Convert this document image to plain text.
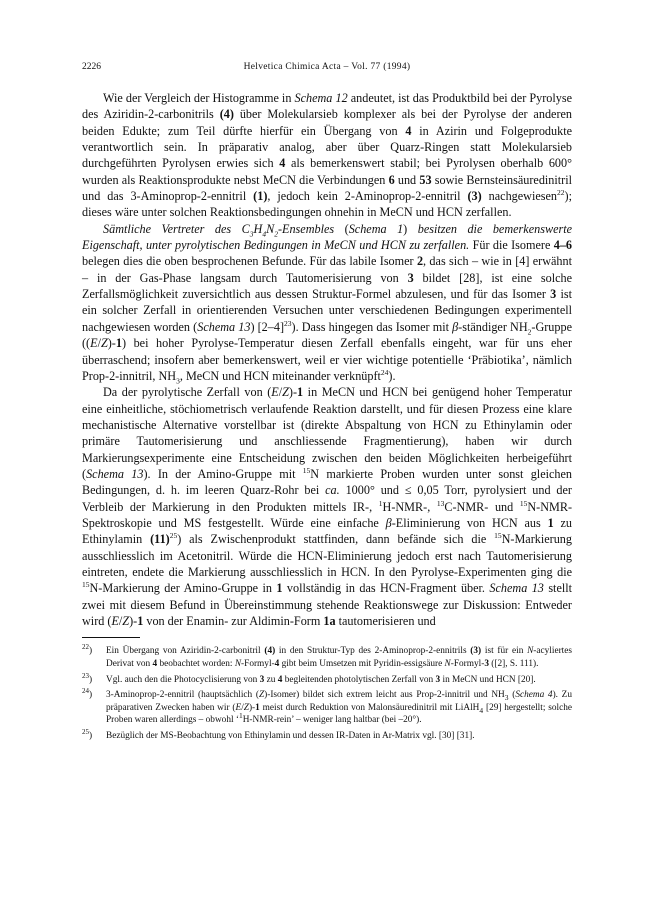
2226	Helvetica Chimica Acta – Vol. 77 (1994)

Wie der Vergleich der Histogramme in Schema 12 andeutet, ist das Produktbild bei der Pyrolyse des Aziridin-2-carbonitrils (4) über Molekularsieb komplexer als bei der Pyrolyse der anderen beiden Edukte; zum Teil dürfte hierfür ein Übergang von 4 in Azirin und Folgeprodukte verantwortlich sein. In präparativ analog, aber über Quarz-Ringen statt Molekularsieb durchgeführten Pyrolysen erwies sich 4 als bemerkenswert stabil; bei Pyrolysen oberhalb 600° wurden als Reaktionsprodukte nebst MeCN die Verbindungen 6 und 53 sowie Bernsteinsäuredinitril und das 3-Aminoprop-2-ennitril (1), jedoch kein 2-Aminoprop-2-ennitril (3) nachgewiesen$^{22}$); dieses wäre unter solchen Reaktionsbedingungen ohnehin in MeCN und HCN zerfallen.

Sämtliche Vertreter des $C_3H_4N_2$-Ensembles (Schema 1) besitzen die bemerkenswerte Eigenschaft, unter pyrolytischen Bedingungen in MeCN und HCN zu zerfallen. Für die Isomere 4–6 belegen dies die oben besprochenen Befunde. Für das labile Isomer 2, das sich – wie in [4] erwähnt – in der Gas-Phase langsam durch Tautomerisierung von 3 bildet [28], ist eine solche Zerfallsmöglichkeit zuversichtlich aus dessen Struktur-Formel abzulesen, und für das Isomer 3 ist ein solcher Zerfall in orientierenden Versuchen unter verschiedenen Bedingungen experimentell nachgewiesen worden (Schema 13) $[2-4]^{23}$). Dass hingegen das Isomer mit β-ständiger $NH_2$-Gruppe ((E/Z)-1) bei hoher Pyrolyse-Temperatur diesen Zerfall ebenfalls eingeht, war für uns eher überraschend; insofern aber bemerkenswert, weil er vier wichtige potentielle ‘Präbiotika’, nämlich Prop-2-innitril, $NH_3$, MeCN und HCN miteinander verknüpft$^{24}$).

Da der pyrolytische Zerfall von (E/Z)-1 in MeCN und HCN bei genügend hoher Temperatur eine einheitliche, stöchiometrisch verlaufende Reaktion darstellt, und für diesen Prozess eine klare mechanistische Alternative vorstellbar ist (direkte Abspaltung von HCN zu Ethinylamin oder primäre Tautomerisierung und anschliessende Fragmentierung), haben wir durch Markierungsexperimente eine Entscheidung zwischen den beiden Möglichkeiten herbeigeführt (Schema 13). In der Amino-Gruppe mit $^{15}$N markierte Proben wurden unter sonst gleichen Bedingungen, d. h. im leeren Quarz-Rohr bei ca. 1000° und ≤ 0,05 Torr, pyrolysiert und der Verbleib der Markierung in den Produkten mittels IR-, $^1$H-NMR-, $^{13}$C-NMR- und $^{15}$N-NMR-Spektroskopie und MS festgestellt. Würde eine einfache β-Eliminierung von HCN aus 1 zu Ethinylamin $(11)^{25}$) als Zwischenprodukt stattfinden, dann befände sich die $^{15}$N-Markierung ausschliesslich im Acetonitril. Würde die HCN-Eliminierung jedoch erst nach Tautomerisierung eintreten, endete die Markierung ausschliesslich in HCN. In den Pyrolyse-Experimenten ging die $^{15}$N-Markierung der Amino-Gruppe in 1 vollständig in das HCN-Fragment über. Schema 13 stellt zwei mit diesem Befund in Übereinstimmung stehende Reaktionswege zur Diskussion: Entweder wird (E/Z)-1 von der Enamin- zur Aldimin-Form 1a tautomerisieren und

$^{22}$) Ein Übergang von Aziridin-2-carbonitril (4) in den Struktur-Typ des 2-Aminoprop-2-ennitrils (3) ist für ein N-acyliertes Derivat von 4 beobachtet worden: N-Formyl-4 gibt beim Umsetzen mit Pyridin-essigsäure N-Formyl-3 ([2], S. 111).

$^{23}$) Vgl. auch den die Photocyclisierung von 3 zu 4 begleitenden photolytischen Zerfall von 3 in MeCN und HCN [20].

$^{24}$) 3-Aminoprop-2-ennitril (hauptsächlich (Z)-Isomer) bildet sich extrem leicht aus Prop-2-innitril und $NH_3$ (Schema 4). Zu präparativen Zwecken haben wir (E/Z)-1 meist durch Reduktion von Malonsäuredinitril mit LiAlH$_4$ [29] hergestellt; solche Proben waren allerdings – obwohl ‘$^1$H-NMR-rein’ – weniger lang haltbar (bei –20°).

$^{25}$) Bezüglich der MS-Beobachtung von Ethinylamin und dessen IR-Daten in Ar-Matrix vgl. [30] [31].
